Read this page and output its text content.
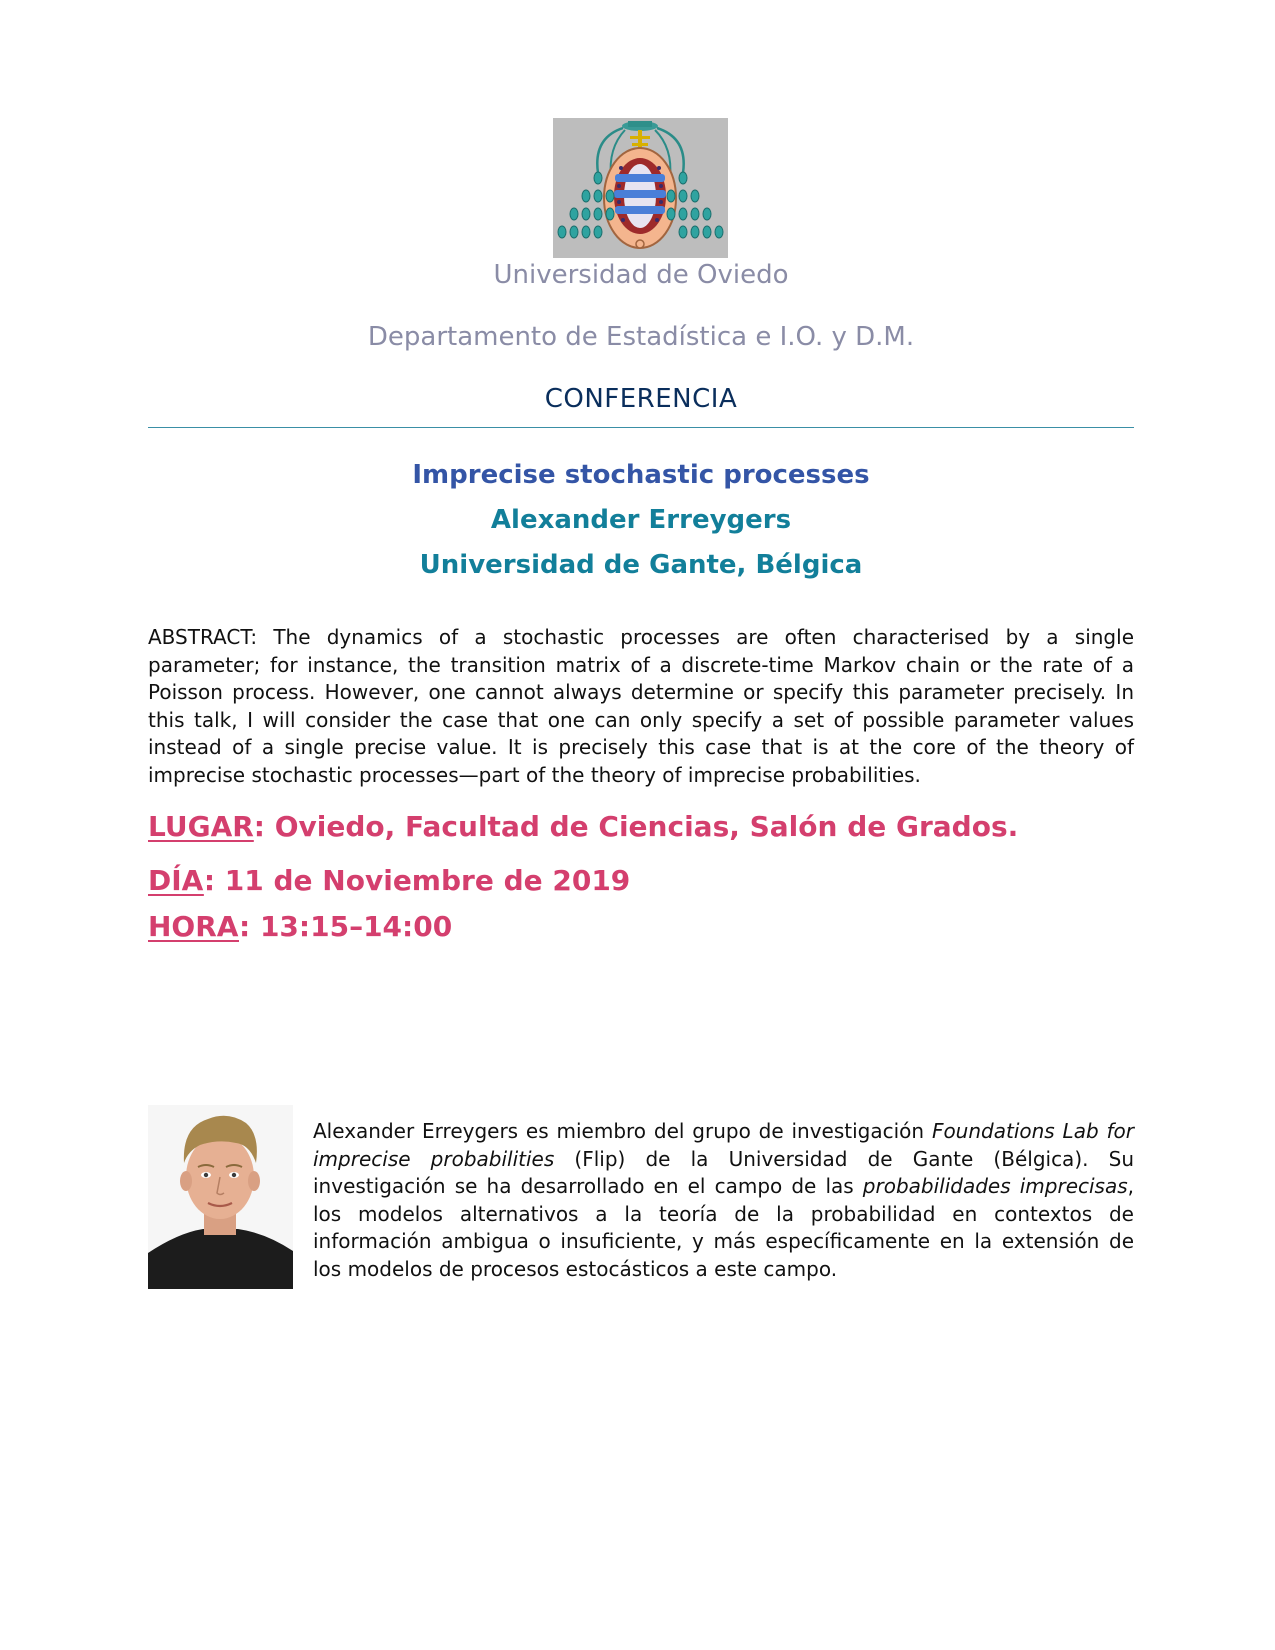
Universidad de Oviedo
Departamento de Estadística e I.O. y D.M.
CONFERENCIA
Imprecise stochastic processes
Alexander Erreygers
Universidad de Gante, Bélgica
ABSTRACT: The dynamics of a stochastic processes are often characterised by a single parameter; for instance, the transition matrix of a discrete-time Markov chain or the rate of a Poisson process. However, one cannot always determine or specify this parameter precisely. In this talk, I will consider the case that one can only specify a set of possible parameter values instead of a single precise value. It is precisely this case that is at the core of the theory of imprecise stochastic processes—part of the theory of imprecise probabilities.
LUGAR: Oviedo, Facultad de Ciencias, Salón de Grados.
DÍA: 11 de Noviembre de 2019
HORA: 13:15–14:00
Alexander Erreygers es miembro del grupo de investigación Foundations Lab for imprecise probabilities (Flip) de la Universidad de Gante (Bélgica). Su investigación se ha desarrollado en el campo de las probabilidades imprecisas, los modelos alternativos a la teoría de la probabilidad en contextos de información ambigua o insuficiente, y más específicamente en la extensión de los modelos de procesos estocásticos a este campo.
